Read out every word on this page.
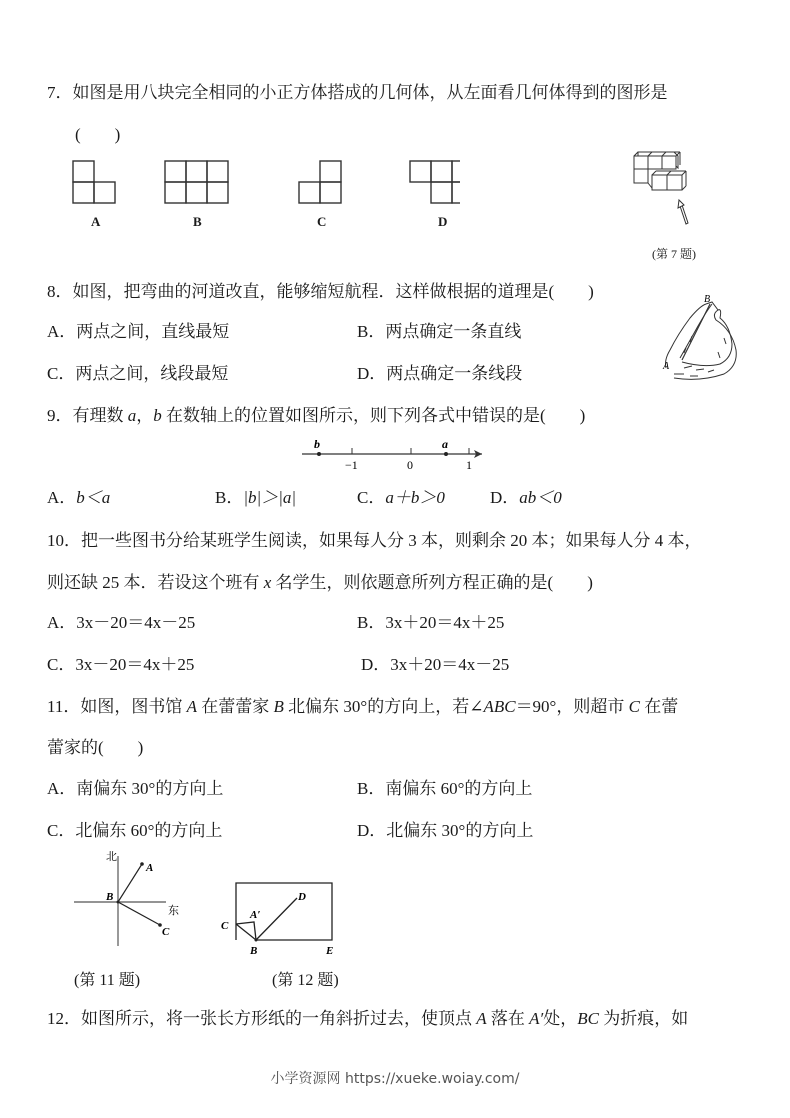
7．如图是用八块完全相同的小正方体搭成的几何体，从左面看几何体得到的图形是
(　　)
A	B	C	D
(第 7 题)
8．如图，把弯曲的河道改直，能够缩短航程．这样做根据的道理是(　　)
A．两点之间，直线最短	B．两点确定一条直线
C．两点之间，线段最短	D．两点确定一条线段
B
A
9．有理数 a，b 在数轴上的位置如图所示，则下列各式中错误的是(　　)
−1	0	1
b	a
A．b＜a	B．|b|＞|a|	C．a＋b＞0	D．ab＜0
10．把一些图书分给某班学生阅读，如果每人分 3 本，则剩余 20 本；如果每人分 4 本，
则还缺 25 本．若设这个班有 x 名学生，则依题意所列方程正确的是(　　)
A．3x－20＝4x－25	B．3x＋20＝4x＋25
C．3x－20＝4x＋25	D．3x＋20＝4x－25
11．如图，图书馆 A 在蕾蕾家 B 北偏东 30°的方向上，若∠ABC＝90°，则超市 C 在蕾
蕾家的(　　)
A．南偏东 30°的方向上	B．南偏东 60°的方向上
C．北偏东 60°的方向上	D．北偏东 30°的方向上
北
东
A
B
C
(第 11 题)
C
A′
D
B	E
(第 12 题)
12．如图所示，将一张长方形纸的一角斜折过去，使顶点 A 落在 A′处，BC 为折痕，如
小学资源网 https://xueke.woiay.com/
